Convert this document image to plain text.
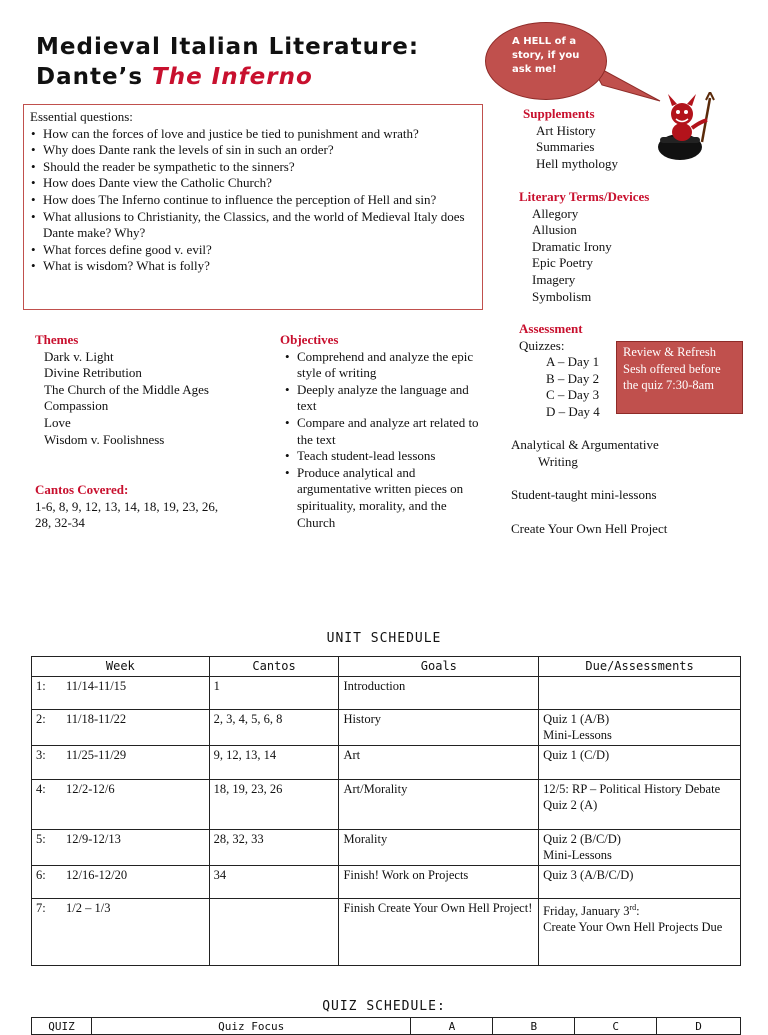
Medieval Italian Literature:
Dante’s The Inferno
A HELL of a story, if you ask me!
Essential questions:
• How can the forces of love and justice be tied to punishment and wrath?
• Why does Dante rank the levels of sin in such an order?
• Should the reader be sympathetic to the sinners?
• How does Dante view the Catholic Church?
• How does The Inferno continue to influence the perception of Hell and sin?
• What allusions to Christianity, the Classics, and the world of Medieval Italy does Dante make? Why?
• What forces define good v. evil?
• What is wisdom? What is folly?
Supplements
Art History
Summaries
Hell mythology
Literary Terms/Devices
Allegory
Allusion
Dramatic Irony
Epic Poetry
Imagery
Symbolism
Themes
Dark v. Light
Divine Retribution
The Church of the Middle Ages
Compassion
Love
Wisdom v. Foolishness
Cantos Covered:
1-6, 8, 9, 12, 13, 14, 18, 19, 23, 26, 28, 32-34
Objectives
• Comprehend and analyze the epic style of writing
• Deeply analyze the language and text
• Compare and analyze art related to the text
• Teach student-lead lessons
• Produce analytical and argumentative written pieces on spirituality, morality, and the Church
Assessment
Quizzes:
A – Day 1
B – Day 2
C – Day 3
D – Day 4
Review & Refresh Sesh offered before the quiz 7:30-8am
Analytical & Argumentative
Writing
Student-taught mini-lessons
Create Your Own Hell Project
UNIT SCHEDULE
Week	Cantos	Goals	Due/Assessments
1: 11/14-11/15	1	Introduction	
2: 11/18-11/22	2, 3, 4, 5, 6, 8	History	Quiz 1 (A/B)
Mini-Lessons
3: 11/25-11/29	9, 12, 13, 14	Art	Quiz 1 (C/D)
4: 12/2-12/6	18, 19, 23, 26	Art/Morality	12/5: RP – Political History Debate
Quiz 2 (A)
5: 12/9-12/13	28, 32, 33	Morality	Quiz 2 (B/C/D)
Mini-Lessons
6: 12/16-12/20	34	Finish! Work on Projects	Quiz 3 (A/B/C/D)
7: 1/2 – 1/3		Finish Create Your Own Hell Project!	Friday, January 3rd:
Create Your Own Hell Projects Due
QUIZ SCHEDULE:
QUIZ	Quiz Focus	A	B	C	D
